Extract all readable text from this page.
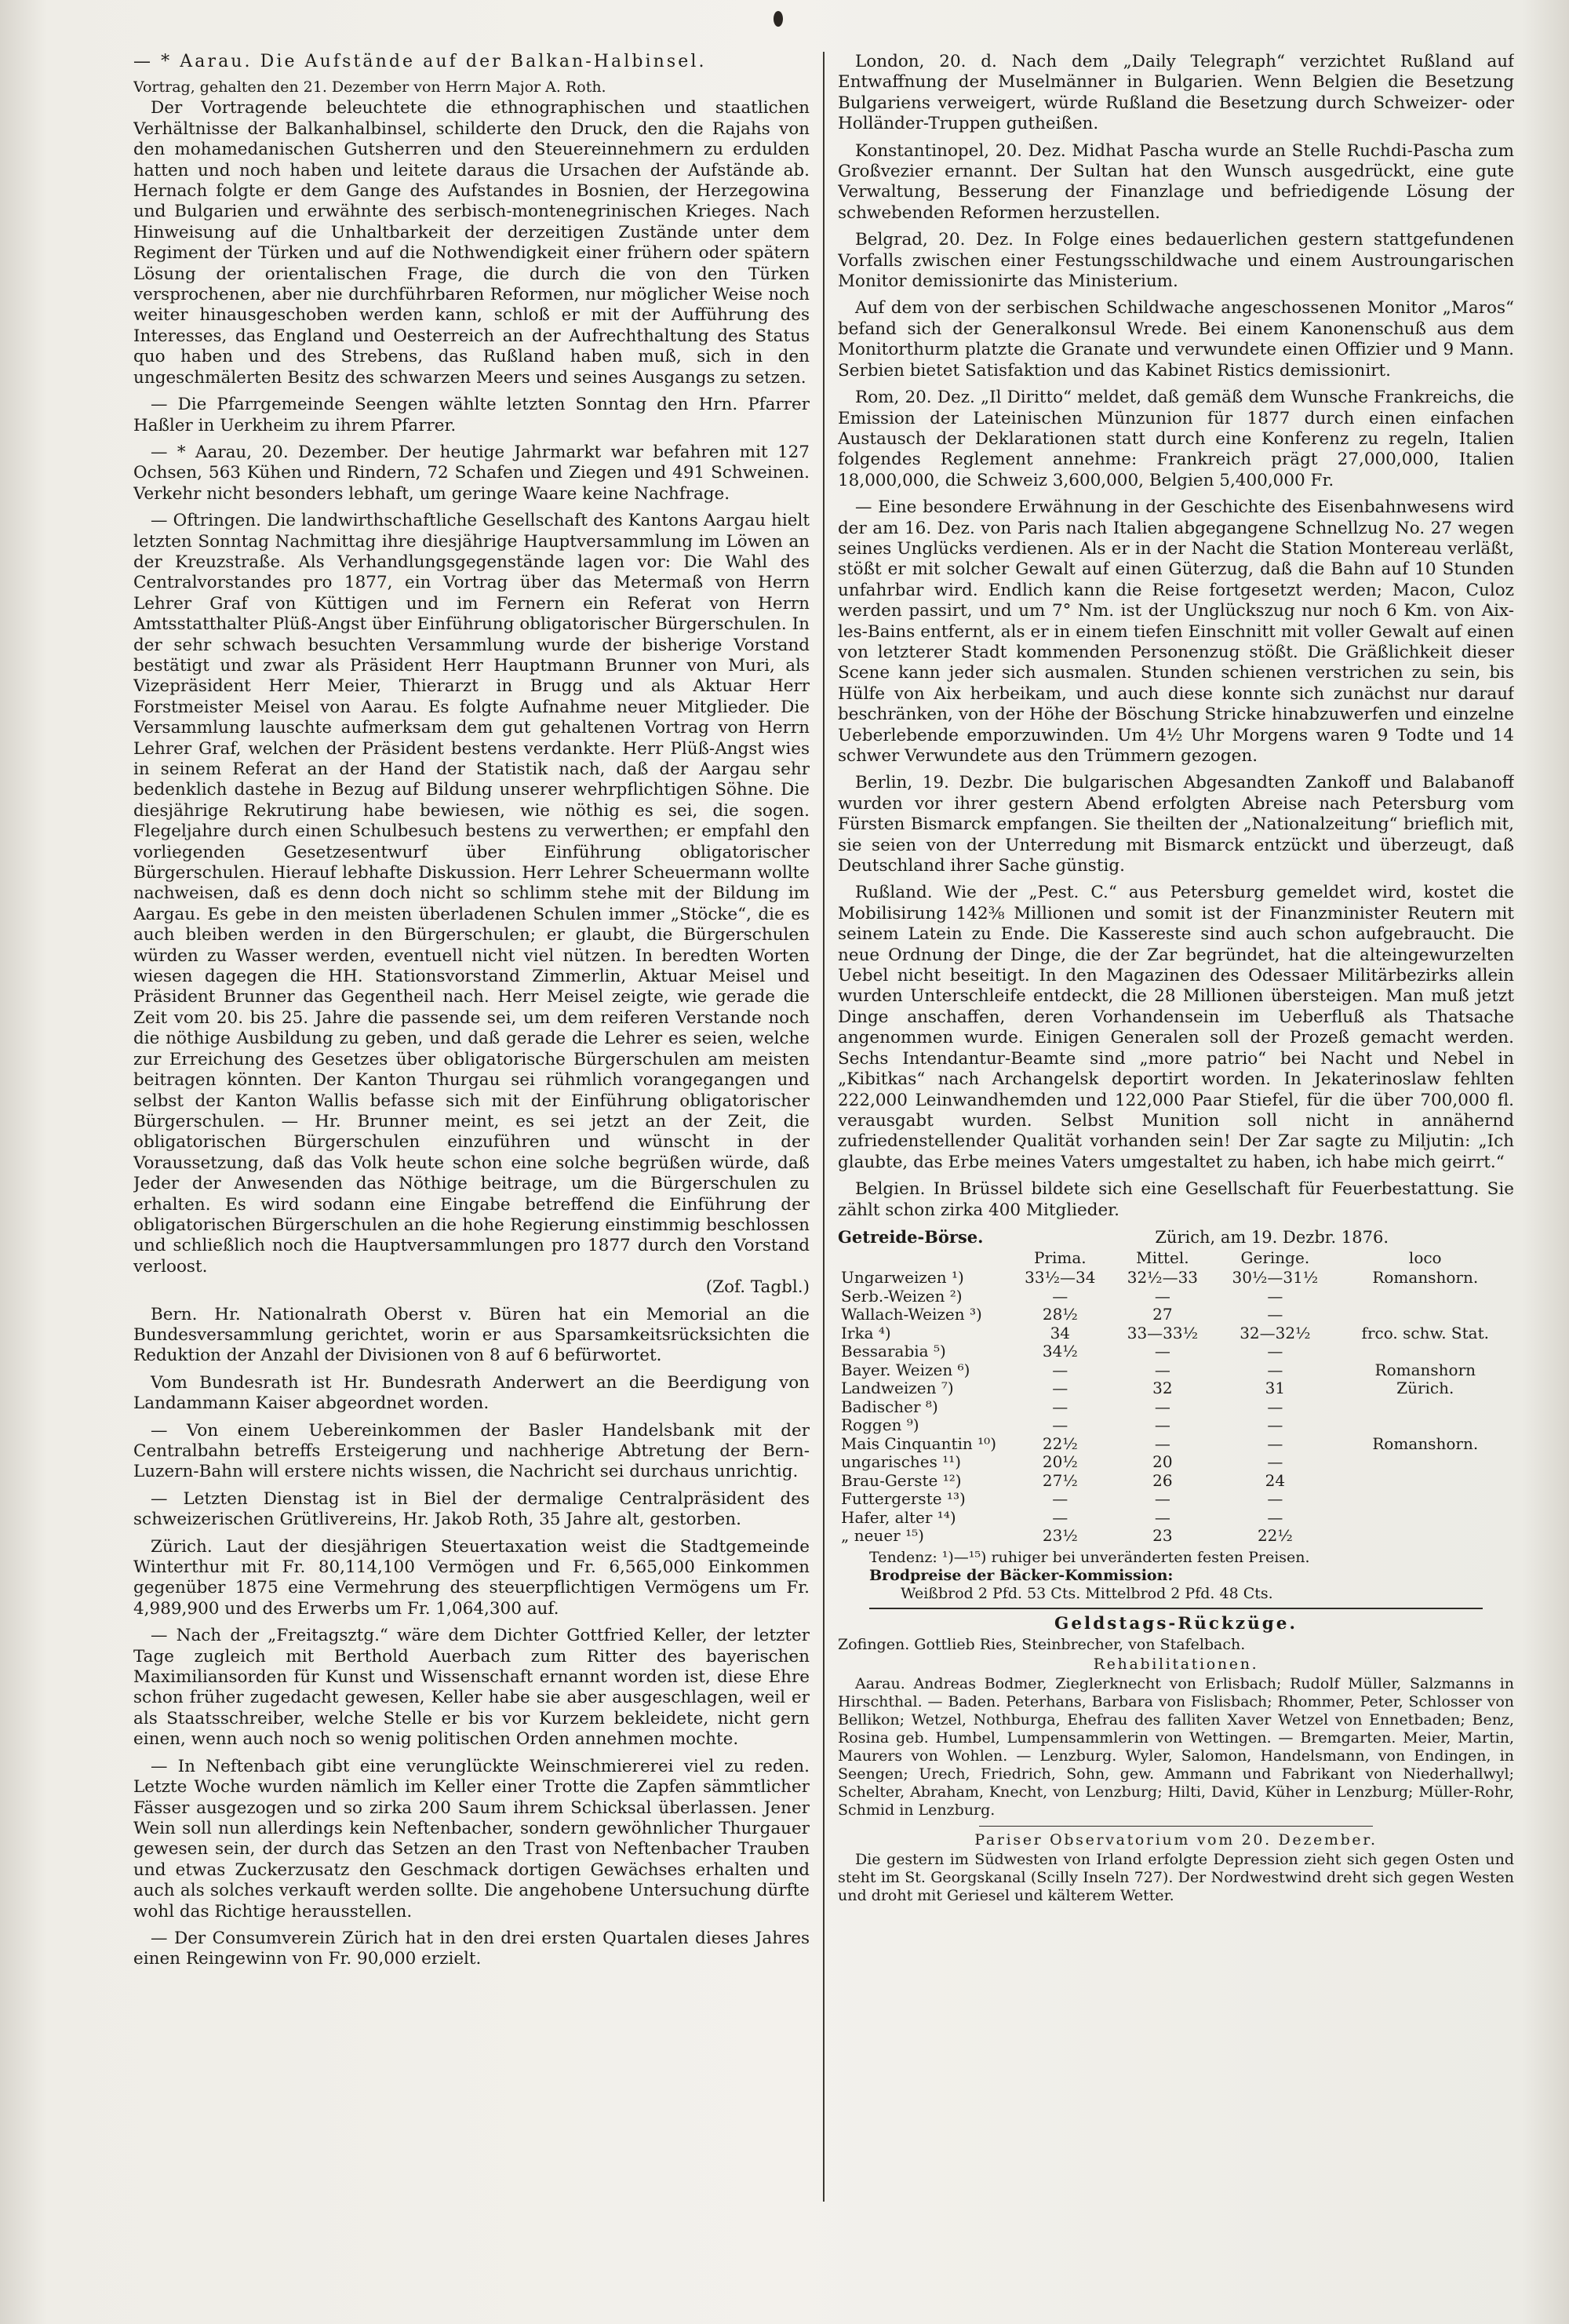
— * Aarau. Die Aufstände auf der Balkan-Halbinsel.

Vortrag, gehalten den 21. Dezember von Herrn Major A. Roth.

Der Vortragende beleuchtete die ethnographischen und staatlichen Verhältnisse der Balkanhalbinsel, schilderte den Druck, den die Rajahs von den mohamedanischen Gutsherren und den Steuereinnehmern zu erdulden hatten und noch haben und leitete daraus die Ursachen der Aufstände ab. Hernach folgte er dem Gange des Aufstandes in Bosnien, der Herzegowina und Bulgarien und erwähnte des serbisch-montenegrinischen Krieges. Nach Hinweisung auf die Unhaltbarkeit der derzeitigen Zustände unter dem Regiment der Türken und auf die Nothwendigkeit einer frühern oder spätern Lösung der orientalischen Frage, die durch die von den Türken versprochenen, aber nie durchführbaren Reformen, nur möglicher Weise noch weiter hinausgeschoben werden kann, schloß er mit der Aufführung des Interesses, das England und Oesterreich an der Aufrechthaltung des Status quo haben und des Strebens, das Rußland haben muß, sich in den ungeschmälerten Besitz des schwarzen Meers und seines Ausgangs zu setzen.

— Die Pfarrgemeinde Seengen wählte letzten Sonntag den Hrn. Pfarrer Haßler in Uerkheim zu ihrem Pfarrer.

— * Aarau, 20. Dezember. Der heutige Jahrmarkt war befahren mit 127 Ochsen, 563 Kühen und Rindern, 72 Schafen und Ziegen und 491 Schweinen. Verkehr nicht besonders lebhaft, um geringe Waare keine Nachfrage.

— Oftringen. Die landwirthschaftliche Gesellschaft des Kantons Aargau hielt letzten Sonntag Nachmittag ihre diesjährige Hauptversammlung im Löwen an der Kreuzstraße. Als Verhandlungsgegenstände lagen vor: Die Wahl des Centralvorstandes pro 1877, ein Vortrag über das Metermaß von Herrn Lehrer Graf von Küttigen und im Fernern ein Referat von Herrn Amtsstatthalter Plüß-Angst über Einführung obligatorischer Bürgerschulen. In der sehr schwach besuchten Versammlung wurde der bisherige Vorstand bestätigt und zwar als Präsident Herr Hauptmann Brunner von Muri, als Vizepräsident Herr Meier, Thierarzt in Brugg und als Aktuar Herr Forstmeister Meisel von Aarau. Es folgte Aufnahme neuer Mitglieder. Die Versammlung lauschte aufmerksam dem gut gehaltenen Vortrag von Herrn Lehrer Graf, welchen der Präsident bestens verdankte. Herr Plüß-Angst wies in seinem Referat an der Hand der Statistik nach, daß der Aargau sehr bedenklich dastehe in Bezug auf Bildung unserer wehrpflichtigen Söhne. Die diesjährige Rekrutirung habe bewiesen, wie nöthig es sei, die sogen. Flegeljahre durch einen Schulbesuch bestens zu verwerthen; er empfahl den vorliegenden Gesetzesentwurf über Einführung obligatorischer Bürgerschulen. Hierauf lebhafte Diskussion. Herr Lehrer Scheuermann wollte nachweisen, daß es denn doch nicht so schlimm stehe mit der Bildung im Aargau. Es gebe in den meisten überladenen Schulen immer „Stöcke“, die es auch bleiben werden in den Bürgerschulen; er glaubt, die Bürgerschulen würden zu Wasser werden, eventuell nicht viel nützen. In beredten Worten wiesen dagegen die HH. Stationsvorstand Zimmerlin, Aktuar Meisel und Präsident Brunner das Gegentheil nach. Herr Meisel zeigte, wie gerade die Zeit vom 20. bis 25. Jahre die passende sei, um dem reiferen Verstande noch die nöthige Ausbildung zu geben, und daß gerade die Lehrer es seien, welche zur Erreichung des Gesetzes über obligatorische Bürgerschulen am meisten beitragen könnten. Der Kanton Thurgau sei rühmlich vorangegangen und selbst der Kanton Wallis befasse sich mit der Einführung obligatorischer Bürgerschulen. — Hr. Brunner meint, es sei jetzt an der Zeit, die obligatorischen Bürgerschulen einzuführen und wünscht in der Voraussetzung, daß das Volk heute schon eine solche begrüßen würde, daß Jeder der Anwesenden das Nöthige beitrage, um die Bürgerschulen zu erhalten. Es wird sodann eine Eingabe betreffend die Einführung der obligatorischen Bürgerschulen an die hohe Regierung einstimmig beschlossen und schließlich noch die Hauptversammlungen pro 1877 durch den Vorstand verloost.

(Zof. Tagbl.)

Bern. Hr. Nationalrath Oberst v. Büren hat ein Memorial an die Bundesversammlung gerichtet, worin er aus Sparsamkeitsrücksichten die Reduktion der Anzahl der Divisionen von 8 auf 6 befürwortet.

Vom Bundesrath ist Hr. Bundesrath Anderwert an die Beerdigung von Landammann Kaiser abgeordnet worden.

— Von einem Uebereinkommen der Basler Handelsbank mit der Centralbahn betreffs Ersteigerung und nachherige Abtretung der Bern-Luzern-Bahn will erstere nichts wissen, die Nachricht sei durchaus unrichtig.

— Letzten Dienstag ist in Biel der dermalige Centralpräsident des schweizerischen Grütlivereins, Hr. Jakob Roth, 35 Jahre alt, gestorben.

Zürich. Laut der diesjährigen Steuertaxation weist die Stadtgemeinde Winterthur mit Fr. 80,114,100 Vermögen und Fr. 6,565,000 Einkommen gegenüber 1875 eine Vermehrung des steuerpflichtigen Vermögens um Fr. 4,989,900 und des Erwerbs um Fr. 1,064,300 auf.

— Nach der „Freitagsztg.“ wäre dem Dichter Gottfried Keller, der letzter Tage zugleich mit Berthold Auerbach zum Ritter des bayerischen Maximiliansorden für Kunst und Wissenschaft ernannt worden ist, diese Ehre schon früher zugedacht gewesen, Keller habe sie aber ausgeschlagen, weil er als Staatsschreiber, welche Stelle er bis vor Kurzem bekleidete, nicht gern einen, wenn auch noch so wenig politischen Orden annehmen mochte.

— In Neftenbach gibt eine verunglückte Weinschmiererei viel zu reden. Letzte Woche wurden nämlich im Keller einer Trotte die Zapfen sämmtlicher Fässer ausgezogen und so zirka 200 Saum ihrem Schicksal überlassen. Jener Wein soll nun allerdings kein Neftenbacher, sondern gewöhnlicher Thurgauer gewesen sein, der durch das Setzen an den Trast von Neftenbacher Trauben und etwas Zuckerzusatz den Geschmack dortigen Gewächses erhalten und auch als solches verkauft werden sollte. Die angehobene Untersuchung dürfte wohl das Richtige herausstellen.

— Der Consumverein Zürich hat in den drei ersten Quartalen dieses Jahres einen Reingewinn von Fr. 90,000 erzielt.

London, 20. d. Nach dem „Daily Telegraph“ verzichtet Rußland auf Entwaffnung der Muselmänner in Bulgarien. Wenn Belgien die Besetzung Bulgariens verweigert, würde Rußland die Besetzung durch Schweizer- oder Holländer-Truppen gutheißen.

Konstantinopel, 20. Dez. Midhat Pascha wurde an Stelle Ruchdi-Pascha zum Großvezier ernannt. Der Sultan hat den Wunsch ausgedrückt, eine gute Verwaltung, Besserung der Finanzlage und befriedigende Lösung der schwebenden Reformen herzustellen.

Belgrad, 20. Dez. In Folge eines bedauerlichen gestern stattgefundenen Vorfalls zwischen einer Festungsschildwache und einem Austroungarischen Monitor demissionirte das Ministerium.

Auf dem von der serbischen Schildwache angeschossenen Monitor „Maros“ befand sich der Generalkonsul Wrede. Bei einem Kanonenschuß aus dem Monitorthurm platzte die Granate und verwundete einen Offizier und 9 Mann. Serbien bietet Satisfaktion und das Kabinet Ristics demissionirt.

Rom, 20. Dez. „Il Diritto“ meldet, daß gemäß dem Wunsche Frankreichs, die Emission der Lateinischen Münzunion für 1877 durch einen einfachen Austausch der Deklarationen statt durch eine Konferenz zu regeln, Italien folgendes Reglement annehme: Frankreich prägt 27,000,000, Italien 18,000,000, die Schweiz 3,600,000, Belgien 5,400,000 Fr.

— Eine besondere Erwähnung in der Geschichte des Eisenbahnwesens wird der am 16. Dez. von Paris nach Italien abgegangene Schnellzug No. 27 wegen seines Unglücks verdienen. Als er in der Nacht die Station Montereau verläßt, stößt er mit solcher Gewalt auf einen Güterzug, daß die Bahn auf 10 Stunden unfahrbar wird. Endlich kann die Reise fortgesetzt werden; Macon, Culoz werden passirt, und um 7° Nm. ist der Unglückszug nur noch 6 Km. von Aix-les-Bains entfernt, als er in einem tiefen Einschnitt mit voller Gewalt auf einen von letzterer Stadt kommenden Personenzug stößt. Die Gräßlichkeit dieser Scene kann jeder sich ausmalen. Stunden schienen verstrichen zu sein, bis Hülfe von Aix herbeikam, und auch diese konnte sich zunächst nur darauf beschränken, von der Höhe der Böschung Stricke hinabzuwerfen und einzelne Ueberlebende emporzuwinden. Um 4½ Uhr Morgens waren 9 Todte und 14 schwer Verwundete aus den Trümmern gezogen.

Berlin, 19. Dezbr. Die bulgarischen Abgesandten Zankoff und Balabanoff wurden vor ihrer gestern Abend erfolgten Abreise nach Petersburg vom Fürsten Bismarck empfangen. Sie theilten der „Nationalzeitung“ brieflich mit, sie seien von der Unterredung mit Bismarck entzückt und überzeugt, daß Deutschland ihrer Sache günstig.

Rußland. Wie der „Pest. C.“ aus Petersburg gemeldet wird, kostet die Mobilisirung 142⅜ Millionen und somit ist der Finanzminister Reutern mit seinem Latein zu Ende. Die Kassereste sind auch schon aufgebraucht. Die neue Ordnung der Dinge, die der Zar begründet, hat die alteingewurzelten Uebel nicht beseitigt. In den Magazinen des Odessaer Militärbezirks allein wurden Unterschleife entdeckt, die 28 Millionen übersteigen. Man muß jetzt Dinge anschaffen, deren Vorhandensein im Ueberfluß als Thatsache angenommen wurde. Einigen Generalen soll der Prozeß gemacht werden. Sechs Intendantur-Beamte sind „more patrio“ bei Nacht und Nebel in „Kibitkas“ nach Archangelsk deportirt worden. In Jekaterinoslaw fehlten 222,000 Leinwandhemden und 122,000 Paar Stiefel, für die über 700,000 fl. verausgabt wurden. Selbst Munition soll nicht in annähernd zufriedenstellender Qualität vorhanden sein! Der Zar sagte zu Miljutin: „Ich glaubte, das Erbe meines Vaters umgestaltet zu haben, ich habe mich geirrt.“

Belgien. In Brüssel bildete sich eine Gesellschaft für Feuerbestattung. Sie zählt schon zirka 400 Mitglieder.

Getreide-Börse.	Zürich, am 19. Dezbr. 1876.
	Prima.	Mittel.	Geringe.	loco
Ungarweizen ¹)	33½—34	32½—33	30½—31½	Romanshorn.
Serb.-Weizen ²)	—	—	—	
Wallach-Weizen ³)	28½	27	—	
Irka ⁴)	34	33—33½	32—32½	frco. schw. Stat.
Bessarabia ⁵)	34½	—	—	
Bayer. Weizen ⁶)	—	—	—	Romanshorn
Landweizen ⁷)	—	32	31	Zürich.
Badischer ⁸)	—	—	—	
Roggen ⁹)	—	—	—	
Mais Cinquantin ¹⁰)	22½	—	—	Romanshorn.
ungarisches ¹¹)	20½	20	—	
Brau-Gerste ¹²)	27½	26	24	
Futtergerste ¹³)	—	—	—	
Hafer, alter ¹⁴)	—	—	—	
„ neuer ¹⁵)	23½	23	22½	

Tendenz: ¹)—¹⁵) ruhiger bei unveränderten festen Preisen.

Brodpreise der Bäcker-Kommission:

Weißbrod 2 Pfd. 53 Cts. Mittelbrod 2 Pfd. 48 Cts.

Geldstags-Rückzüge.

Zofingen. Gottlieb Ries, Steinbrecher, von Stafelbach.

Rehabilitationen.

Aarau. Andreas Bodmer, Zieglerknecht von Erlisbach; Rudolf Müller, Salzmanns in Hirschthal. — Baden. Peterhans, Barbara von Fislisbach; Rhommer, Peter, Schlosser von Bellikon; Wetzel, Nothburga, Ehefrau des falliten Xaver Wetzel von Ennetbaden; Benz, Rosina geb. Humbel, Lumpensammlerin von Wettingen. — Bremgarten. Meier, Martin, Maurers von Wohlen. — Lenzburg. Wyler, Salomon, Handelsmann, von Endingen, in Seengen; Urech, Friedrich, Sohn, gew. Ammann und Fabrikant von Niederhallwyl; Schelter, Abraham, Knecht, von Lenzburg; Hilti, David, Küher in Lenzburg; Müller-Rohr, Schmid in Lenzburg.

Pariser Observatorium vom 20. Dezember.

Die gestern im Südwesten von Irland erfolgte Depression zieht sich gegen Osten und steht im St. Georgskanal (Scilly Inseln 727). Der Nordwestwind dreht sich gegen Westen und droht mit Geriesel und kälterem Wetter.
